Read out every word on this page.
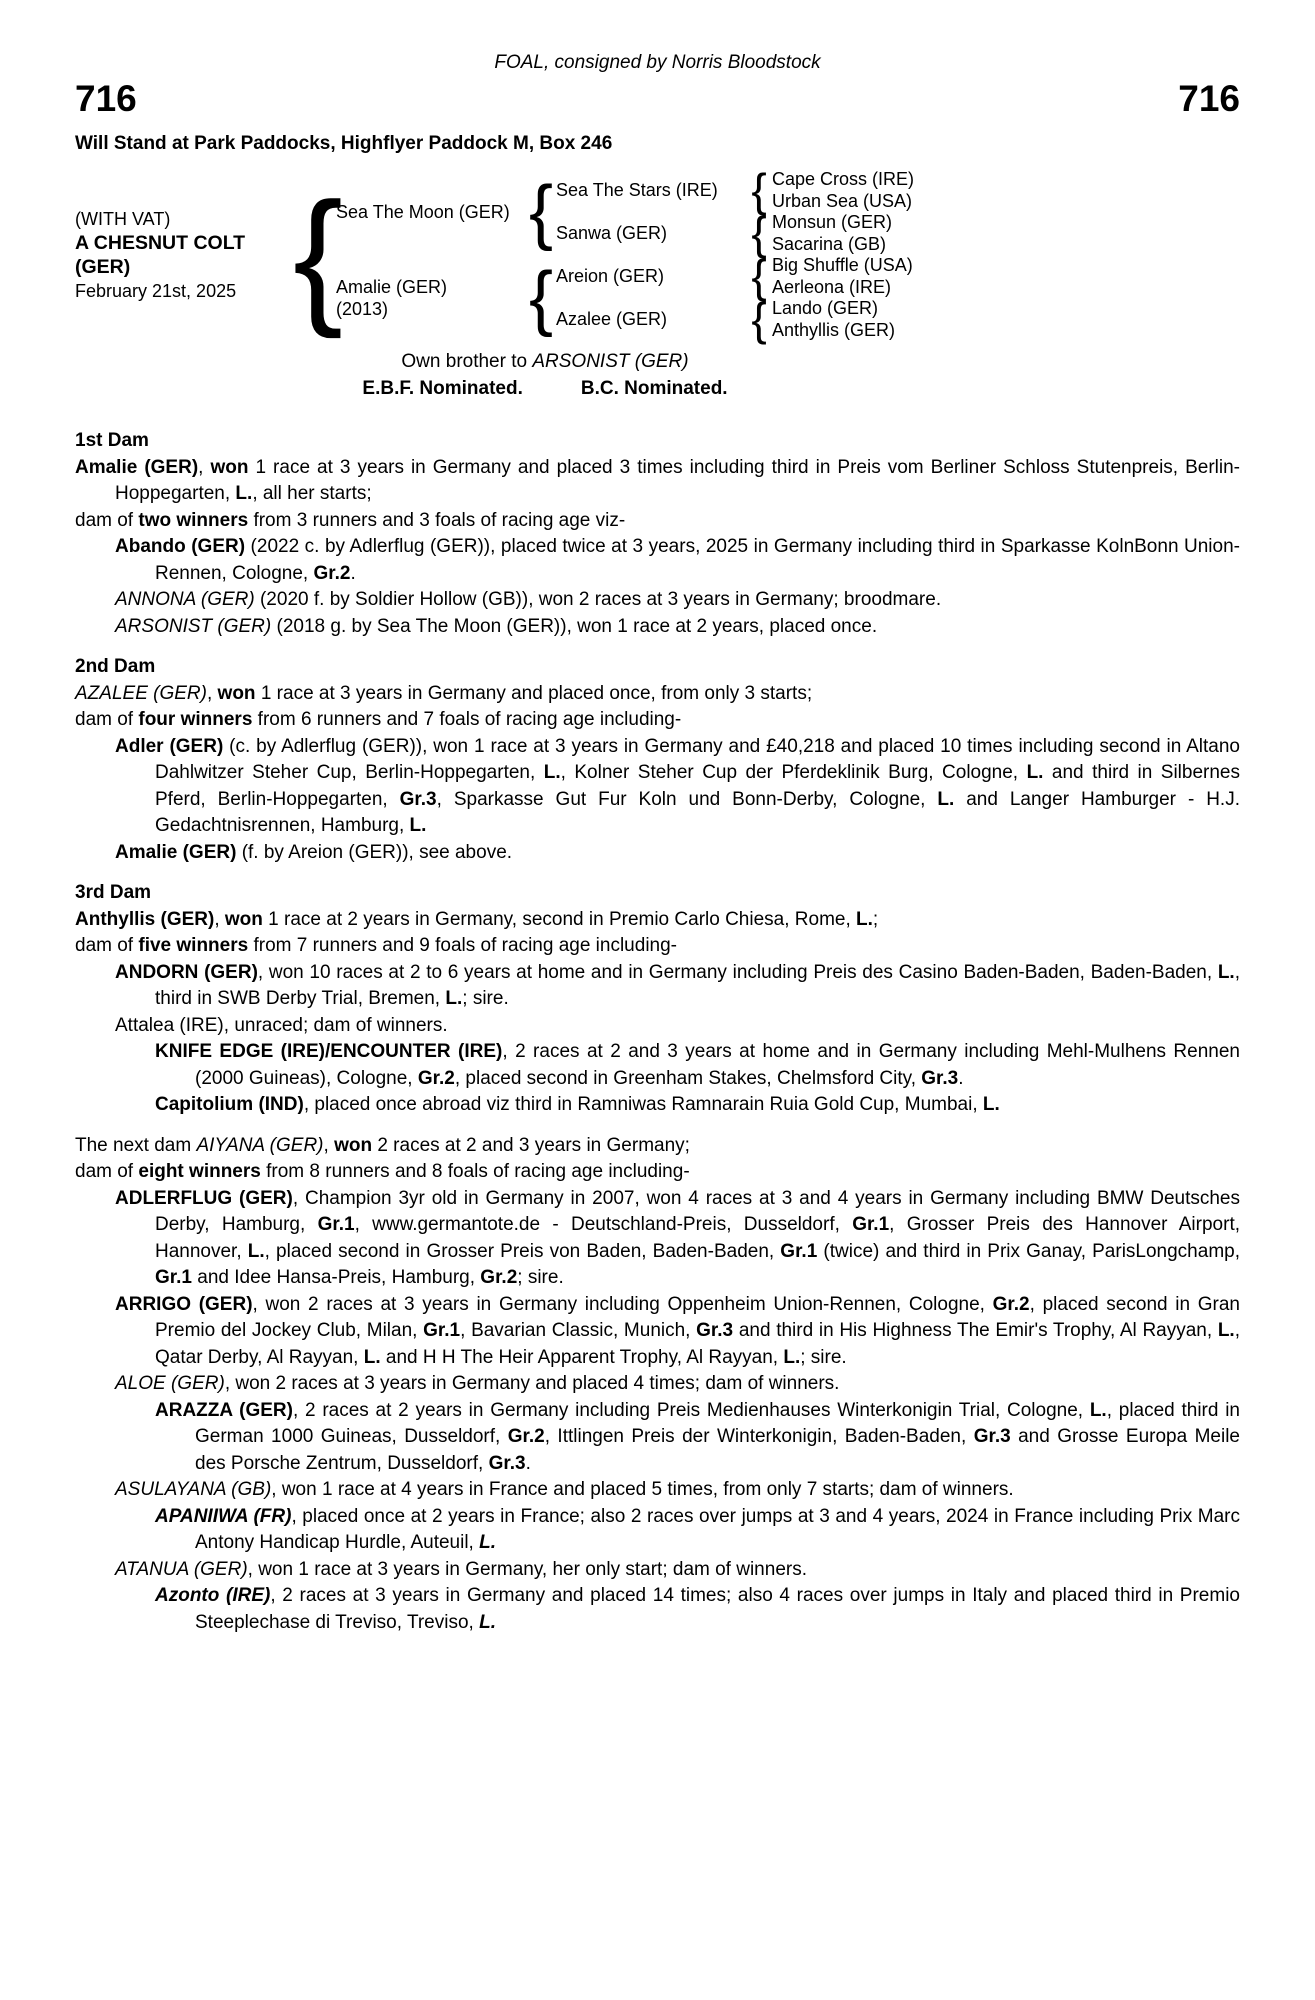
FOAL, consigned by Norris Bloodstock
716	716
Will Stand at Park Paddocks, Highflyer Paddock M, Box 246
(WITH VAT)
A CHESNUT COLT
(GER)
February 21st, 2025 {
Sea The Moon (GER)
Amalie (GER)
(2013)
{
{
Sea The Stars (IRE)
Sanwa (GER)
Areion (GER)
Azalee (GER)
{
{
{
{
Cape Cross (IRE)
Urban Sea (USA)
Monsun (GER)
Sacarina (GB)
Big Shuffle (USA)
Aerleona (IRE)
Lando (GER)
Anthyllis (GER)
Own brother to ARSONIST (GER)
E.B.F. Nominated.	B.C. Nominated.

1st Dam

Amalie (GER), won 1 race at 3 years in Germany and placed 3 times including third in Preis vom Berliner Schloss Stutenpreis, Berlin-Hoppegarten, L., all her starts;

dam of two winners from 3 runners and 3 foals of racing age viz-

Abando (GER) (2022 c. by Adlerflug (GER)), placed twice at 3 years, 2025 in Germany including third in Sparkasse KolnBonn Union-Rennen, Cologne, Gr.2.

ANNONA (GER) (2020 f. by Soldier Hollow (GB)), won 2 races at 3 years in Germany; broodmare.

ARSONIST (GER) (2018 g. by Sea The Moon (GER)), won 1 race at 2 years, placed once.

2nd Dam

AZALEE (GER), won 1 race at 3 years in Germany and placed once, from only 3 starts;

dam of four winners from 6 runners and 7 foals of racing age including-

Adler (GER) (c. by Adlerflug (GER)), won 1 race at 3 years in Germany and £40,218 and placed 10 times including second in Altano Dahlwitzer Steher Cup, Berlin-Hoppegarten, L., Kolner Steher Cup der Pferdeklinik Burg, Cologne, L. and third in Silbernes Pferd, Berlin-Hoppegarten, Gr.3, Sparkasse Gut Fur Koln und Bonn-Derby, Cologne, L. and Langer Hamburger - H.J. Gedachtnisrennen, Hamburg, L.

Amalie (GER) (f. by Areion (GER)), see above.

3rd Dam

Anthyllis (GER), won 1 race at 2 years in Germany, second in Premio Carlo Chiesa, Rome, L.;

dam of five winners from 7 runners and 9 foals of racing age including-

ANDORN (GER), won 10 races at 2 to 6 years at home and in Germany including Preis des Casino Baden-Baden, Baden-Baden, L., third in SWB Derby Trial, Bremen, L.; sire.

Attalea (IRE), unraced; dam of winners.

KNIFE EDGE (IRE)/ENCOUNTER (IRE), 2 races at 2 and 3 years at home and in Germany including Mehl-Mulhens Rennen (2000 Guineas), Cologne, Gr.2, placed second in Greenham Stakes, Chelmsford City, Gr.3.

Capitolium (IND), placed once abroad viz third in Ramniwas Ramnarain Ruia Gold Cup, Mumbai, L.

The next dam AIYANA (GER), won 2 races at 2 and 3 years in Germany;

dam of eight winners from 8 runners and 8 foals of racing age including-

ADLERFLUG (GER), Champion 3yr old in Germany in 2007, won 4 races at 3 and 4 years in Germany including BMW Deutsches Derby, Hamburg, Gr.1, www.germantote.de - Deutschland-Preis, Dusseldorf, Gr.1, Grosser Preis des Hannover Airport, Hannover, L., placed second in Grosser Preis von Baden, Baden-Baden, Gr.1 (twice) and third in Prix Ganay, ParisLongchamp, Gr.1 and Idee Hansa-Preis, Hamburg, Gr.2; sire.

ARRIGO (GER), won 2 races at 3 years in Germany including Oppenheim Union-Rennen, Cologne, Gr.2, placed second in Gran Premio del Jockey Club, Milan, Gr.1, Bavarian Classic, Munich, Gr.3 and third in His Highness The Emir's Trophy, Al Rayyan, L., Qatar Derby, Al Rayyan, L. and H H The Heir Apparent Trophy, Al Rayyan, L.; sire.

ALOE (GER), won 2 races at 3 years in Germany and placed 4 times; dam of winners.

ARAZZA (GER), 2 races at 2 years in Germany including Preis Medienhauses Winterkonigin Trial, Cologne, L., placed third in German 1000 Guineas, Dusseldorf, Gr.2, Ittlingen Preis der Winterkonigin, Baden-Baden, Gr.3 and Grosse Europa Meile des Porsche Zentrum, Dusseldorf, Gr.3.

ASULAYANA (GB), won 1 race at 4 years in France and placed 5 times, from only 7 starts; dam of winners.

APANIIWA (FR), placed once at 2 years in France; also 2 races over jumps at 3 and 4 years, 2024 in France including Prix Marc Antony Handicap Hurdle, Auteuil, L.

ATANUA (GER), won 1 race at 3 years in Germany, her only start; dam of winners.

Azonto (IRE), 2 races at 3 years in Germany and placed 14 times; also 4 races over jumps in Italy and placed third in Premio Steeplechase di Treviso, Treviso, L.
